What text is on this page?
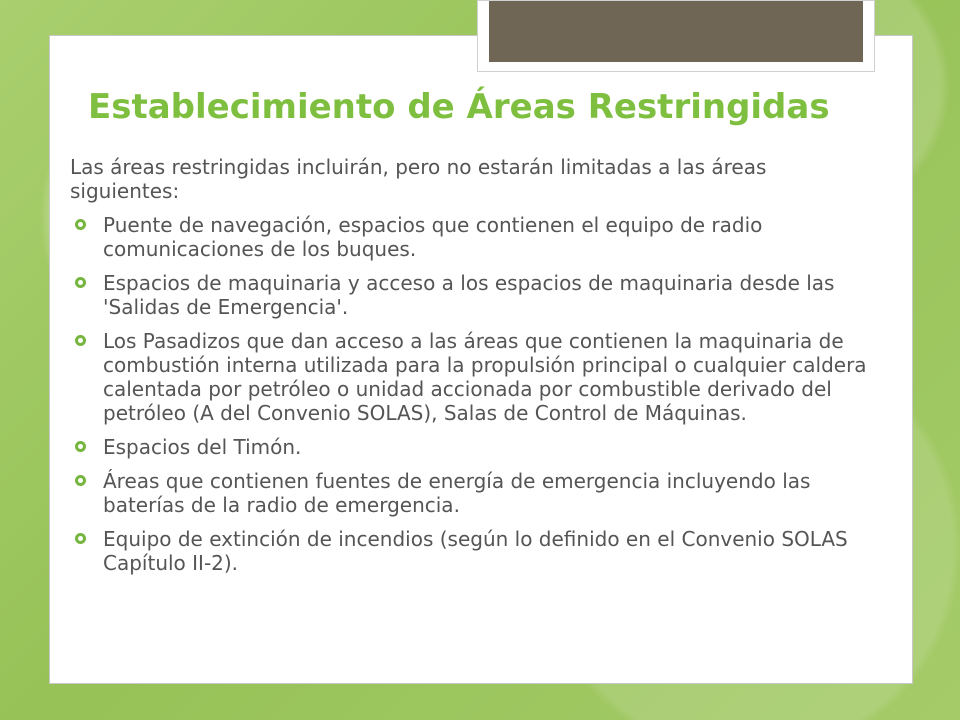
Establecimiento de Áreas Restringidas

Las áreas restringidas incluirán, pero no estarán limitadas a las áreas siguientes:

Puente de navegación, espacios que contienen el equipo de radio comunicaciones de los buques.
Espacios de maquinaria y acceso a los espacios de maquinaria desde las 'Salidas de Emergencia'.
Los Pasadizos que dan acceso a las áreas que contienen la maquinaria de combustión interna utilizada para la propulsión principal o cualquier caldera calentada por petróleo o unidad accionada por combustible derivado del petróleo (A del Convenio SOLAS), Salas de Control de Máquinas.
Espacios del Timón.
Áreas que contienen fuentes de energía de emergencia incluyendo las baterías de la radio de emergencia.
Equipo de extinción de incendios (según lo definido en el Convenio SOLAS Capítulo II-2).
